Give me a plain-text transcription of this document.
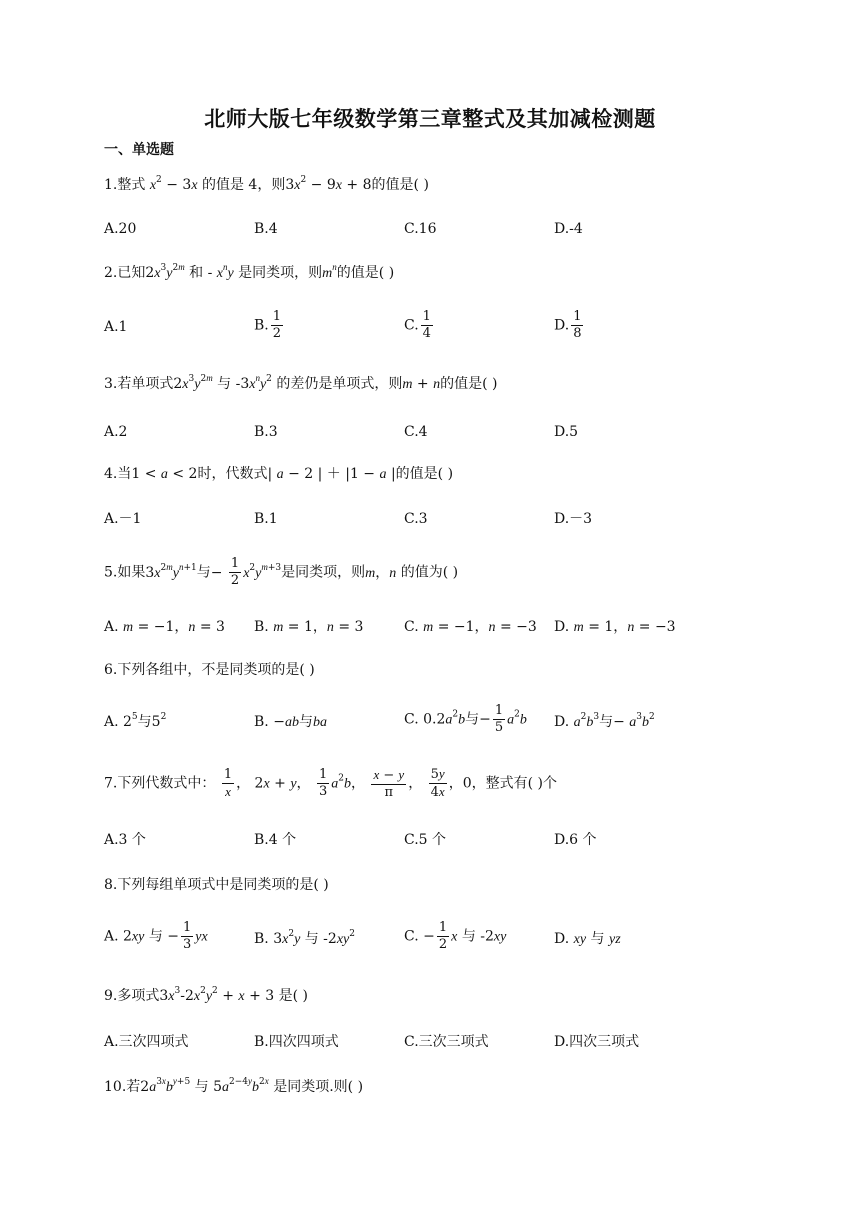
北师大版七年级数学第三章整式及其加减检测题
一、单选题
1.整式 $x^2 - 3x$ 的值是 4，则$3x^2 - 9x + 8$的值是( )
A.20	B.4	C.16	D.-4
2.已知$2x^3y^{2m}$ 和 - $x^ny$ 是同类项，则$m^n$的值是( )
A.1	B. $\frac{1}{2}$	C. $\frac{1}{4}$	D. $\frac{1}{8}$
3.若单项式$2x^3y^{2m}$ 与 $-3x^ny^2$ 的差仍是单项式，则m + n的值是( )
A.2	B.3	C.4	D.5
4.当1 < a < 2时，代数式| a − 2 | ＋ |1 − a |的值是( )
A.－1	B.1	C.3	D.－3
5.如果$3x^{2m}y^{n+1}$与− $\frac{1}{2} x^2y^{m+3}$是同类项，则m，n 的值为( )
A. m = −1，n = 3 B. m = 1，n = 3	C. m = −1，n = −3 D. m = 1，n = −3
6.下列各组中，不是同类项的是( )
A. $2^5$与$5^2$	B. −ab与ba	C. $0.2a^2b$与− $\frac{1}{5} a^2b$ D. $a^2b^3$与− $a^3b^2$
7.下列代数式中： $\frac{1}{x}$ ， 2x + y， $\frac{1}{3} a^2b$， $\frac{x - y}{\pi}$ ， $\frac{5y}{4x}$ ，0，整式有( )个
A.3 个	B.4 个	C.5 个	D.6 个
8.下列每组单项式中是同类项的是( )
A. 2xy 与 − $\frac{1}{3}$ yx	B. $3x^2y$ 与 $-2xy^2$	C. − $\frac{1}{2}$ x 与 -2xy	D. xy 与 yz
9.多项式$3x^3-2x^2y^2 + x + 3$ 是( )
A.三次四项式	B.四次四项式	C.三次三项式	D.四次三项式
10.若$2a^{3x}b^{y+5}$ 与 $5a^{2-4y}b^{2x}$ 是同类项.则( )
